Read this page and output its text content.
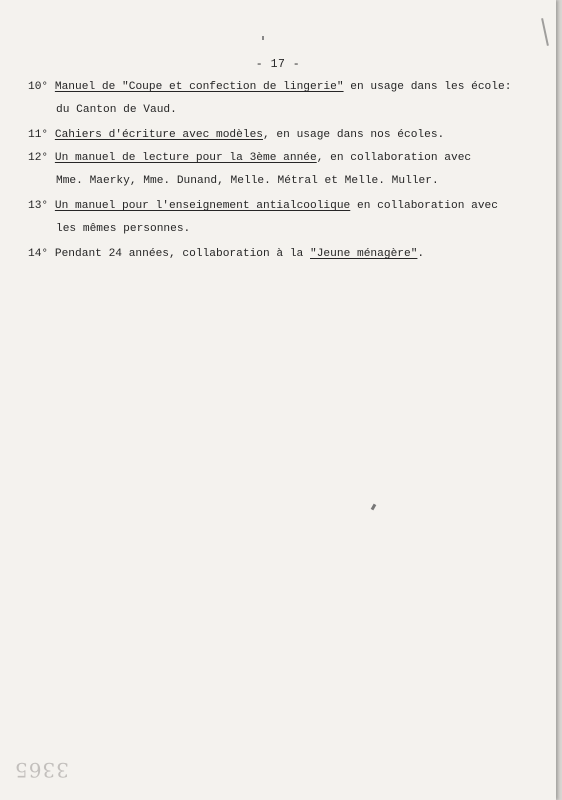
- 17 -
10° Manuel de "Coupe et confection de lingerie" en usage dans les école:
du Canton de Vaud.
11° Cahiers d'écriture avec modèles, en usage dans nos écoles.
12° Un manuel de lecture pour la 3ème année, en collaboration avec
Mme. Maerky, Mme. Dunand, Melle. Métral et Melle. Muller.
13° Un manuel pour l'enseignement antialcoolique en collaboration avec
les mêmes personnes.
14° Pendant 24 années, collaboration à la "Jeune ménagère".
3365
